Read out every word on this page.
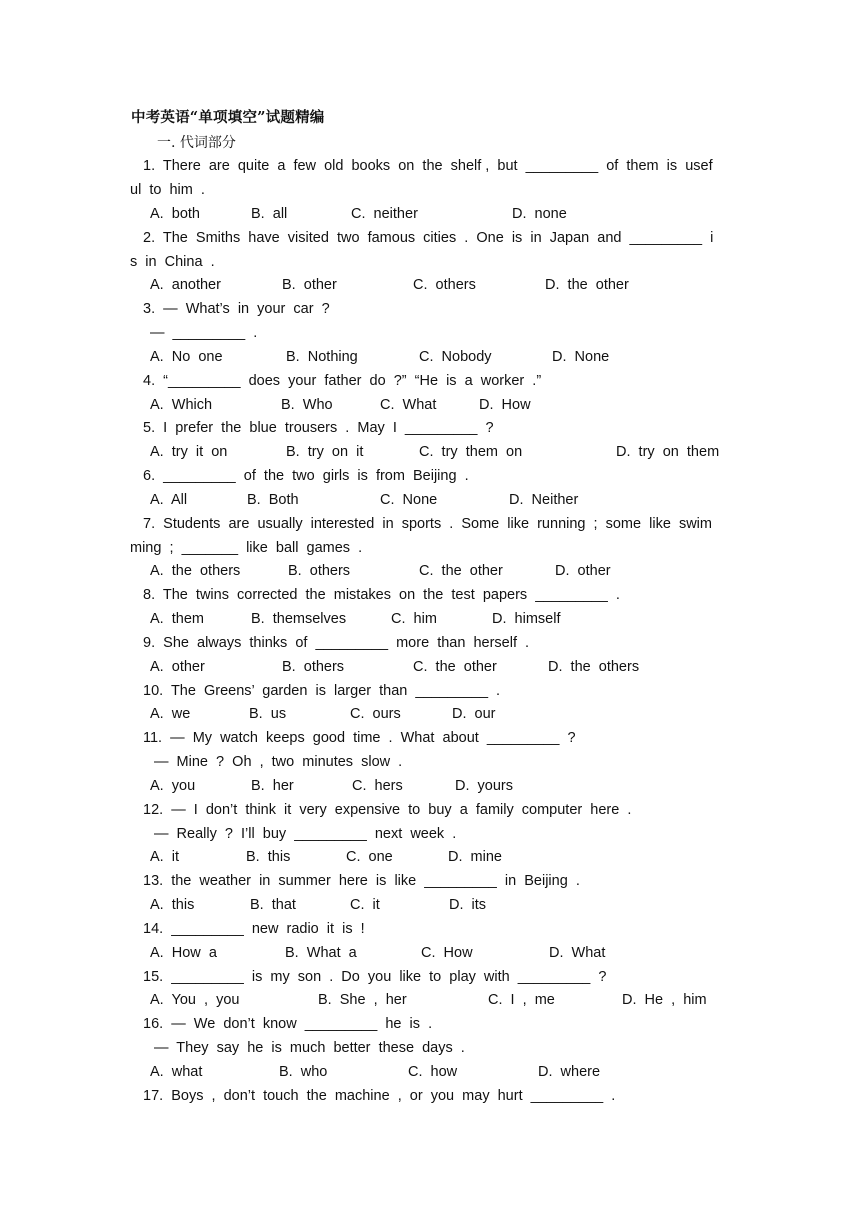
中考英语“单项填空”试题精编
一. 代词部分
1.  There  are  quite  a  few  old  books  on  the  shelf ,  but  _________  of  them  is  usef
ul  to  him  .
A.  both	B.  all	C.  neither	D.  none
2.  The  Smiths  have  visited  two  famous  cities  .  One  is  in  Japan  and  _________  i
s  in  China  .
A.  another	B.  other	C.  others	D.  the  other
3.  —  What’s  in  your  car  ?
—  _________  .
A.  No  one	B.  Nothing	C.  Nobody	D.  None
4.  “_________  does  your  father  do  ?”  “He  is  a  worker  .”
A.  Which	B.  Who	C.  What	D.  How
5.  I  prefer  the  blue  trousers  .  May  I  _________  ?
A.  try  it  on	B.  try  on  it	C.  try  them  on	D.  try  on  them
6.  _________  of  the  two  girls  is  from  Beijing  .
A.  All	B.  Both	C.  None	D.  Neither
7.  Students  are  usually  interested  in  sports  .  Some  like  running  ;  some  like  swim
ming  ;  _______  like  ball  games  .
A.  the  others	B.  others	C.  the  other	D.  other
8.  The  twins  corrected  the  mistakes  on  the  test  papers  _________  .
A.  them	B.  themselves	C.  him	D.  himself
9.  She  always  thinks  of  _________  more  than  herself  .
A.  other	B.  others	C.  the  other	D.  the  others
10.  The  Greens’  garden  is  larger  than  _________  .
A.  we	B.  us	C.  ours	D.  our
11.  —  My  watch  keeps  good  time  .  What  about  _________  ?
—  Mine  ?  Oh  ,  two  minutes  slow  .
A.  you	B.  her	C.  hers	D.  yours
12.  —  I  don’t  think  it  very  expensive  to  buy  a  family  computer  here  .
—  Really  ?  I’ll  buy  _________  next  week  .
A.  it	B.  this	C.  one	D.  mine
13.  the  weather  in  summer  here  is  like  _________  in  Beijing  .
A.  this	B.  that	C.  it	D.  its
14.  _________  new  radio  it  is  !
A.  How  a	B.  What  a	C.  How	D.  What
15.  _________  is  my  son  .  Do  you  like  to  play  with  _________  ?
A.  You  ,  you	B.  She  ,  her	C.  I  ,  me	D.  He  ,  him
16.  —  We  don’t  know  _________  he  is  .
—  They  say  he  is  much  better  these  days  .
A.  what	B.  who	C.  how	D.  where
17.  Boys  ,  don’t  touch  the  machine  ,  or  you  may  hurt  _________  .
